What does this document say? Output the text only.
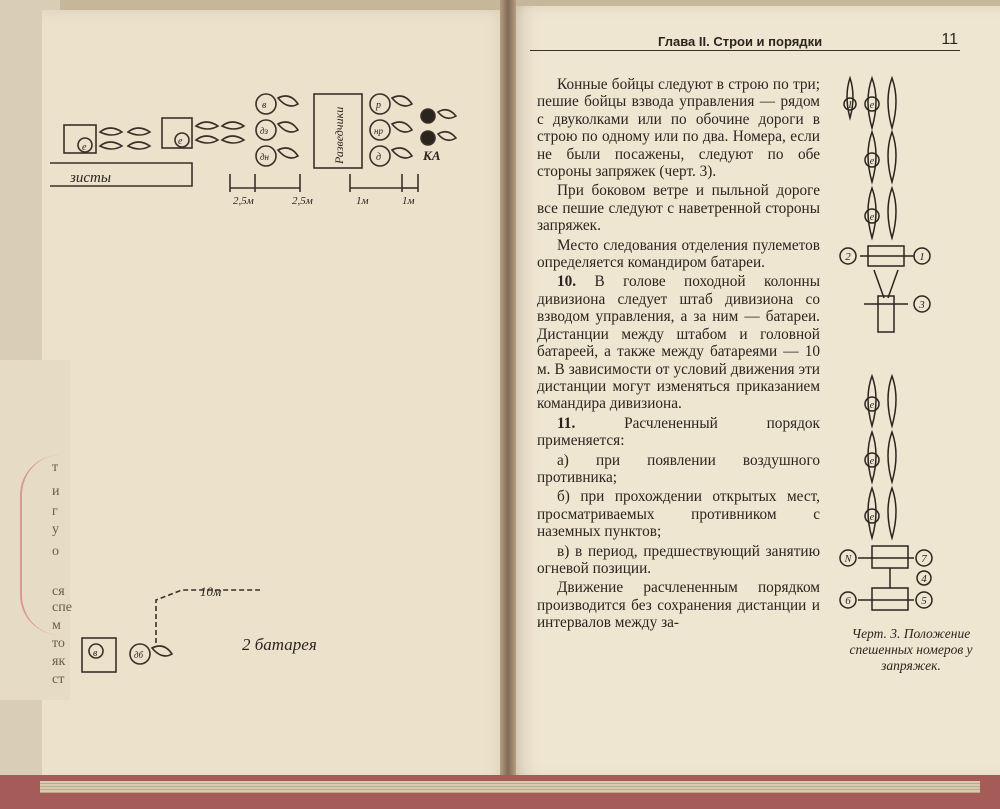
т
и
г
у
о
ся
спе
м
то
як
ст
зисты
е
е
в
дз
дн
р
нр
д
Разведчики	КА
2,5м	2,5м	1м	1м
10м
2 батарея
в	дб
Глава II. Строи и порядки	11

Конные бойцы следуют в строю по три; пешие бойцы взвода управления — рядом с двуколками или по обочине дороги в строю по одному или по два. Номера, если не были посажены, следуют по обе стороны запряжек (черт. 3).

При боковом ветре и пыльной дороге все пешие следуют с наветренной стороны запряжек.

Место следования отделения пулеметов определяется командиром батареи.

10. В голове походной колонны дивизиона следует штаб дивизиона со взводом управления, а за ним — батареи. Дистанции между штабом и головной батареей, а также между батареями — 10 м. В зависимости от условий движения эти дистанции могут изменяться приказанием командира дивизиона.

11.	Расчлененный порядок применяется:

а) при появлении воздушного противника;

б) при прохождении открытых мест, просматриваемых противником с наземных пунктов;

в) в период, предшествующий занятию огневой позиции.

Движение расчлененным порядком производится без сохранения дистанции и интервалов между за-

1 е
е
е
2	1
3
е
е
е
N	7
4
6	5
Черт. 3. Положение спешенных номеров у запряжек.
